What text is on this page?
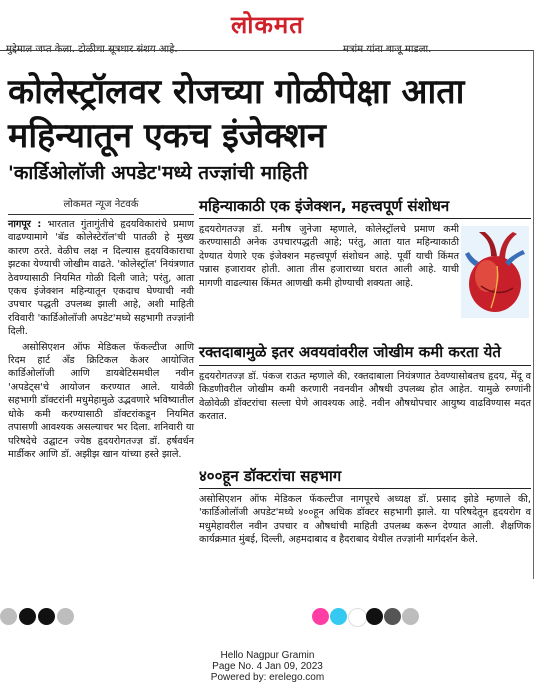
लोकमत
मुद्देमाल जप्त केला. टोळीचा सूत्रधार संशय आहे.	मत्रांम यांना बाजूू माडला.
कोलेस्ट्रॉलवर रोजच्या गोळीपेक्षा आता महिन्यातून एकच इंजेक्शन
'कार्डिओलॉजी अपडेट'मध्ये तज्ज्ञांची माहिती
लोकमत न्यूज नेटवर्क

नागपूर : भारतात गुंतागुंतीचे हृदयविकारांचे प्रमाण वाढण्यामागे 'बॅड कोलेस्टेरॉल'ची पातळी हे मुख्य कारण ठरते. वेळीच लक्ष न दिल्यास हृदयविकाराचा झटका येण्याची जोखीम वाढते. 'कोलेस्ट्रॉल' नियंत्रणात ठेवण्यासाठी नियमित गोळी दिली जाते; परंतु, आता एकच इंजेक्शन महिन्यातून एकदाच घेण्याची नवी उपचार पद्धती उपलब्ध झाली आहे, अशी माहिती रविवारी 'कार्डिओलॉजी अपडेट'मध्ये सहभागी तज्ज्ञांनी दिली.

असोसिएशन ऑफ मेडिकल फॅकल्टीज आणि रिदम हार्ट अँड क्रिटिकल केअर आयोजित कार्डिओलॉजी आणि डायबेटिसमधील नवीन 'अपडेट्स'चे आयोजन करण्यात आले. यावेळी सहभागी डॉक्टरांनी मधुमेहामुळे उद्भवणारे भविष्यातील धोके कमी करण्यासाठी डॉक्टरांकडून नियमित तपासणी आवश्यक असल्याचर भर दिला. शनिवारी या परिषदेचे उद्घाटन ज्येष्ठ हृदयरोगतज्ज्ञ डॉ. हर्षवर्धन मार्डीकर आणि डॉ. अझीझ खान यांच्या हस्ते झाले.

महिन्याकाठी एक इंजेक्शन, महत्त्वपूर्ण संशोधन

हृदयरोगतज्ज्ञ डॉ. मनीष जुनेजा म्हणाले, कोलेस्ट्रॉलचे प्रमाण कमी करण्यासाठी अनेक उपचारपद्धती आहे; परंतु, आता यात महिन्याकाठी देण्यात येणारे एक इंजेक्शन महत्त्वपूर्ण संशोधन आहे. पूर्वी याची किंमत पन्नास हजारावर होती. आता तीस हजाराच्या घरात आली आहे. याची मागणी वाढल्यास किंमत आणखी कमी होण्याची शक्यता आहे.

रक्तदाबामुळे इतर अवयवांवरील जोखीम कमी करता येते

हृदयरोगतज्ज्ञ डॉ. पंकज राऊत म्हणाले की, रक्तदाबाला नियंत्रणात ठेवण्यासोबतच हृदय, मेंदू व किडणीवरील जोखीम कमी करणारी नवनवीन औषधी उपलब्ध होत आहेत. यामुळे रुग्णांनी वेळोवेळी डॉक्टरांचा सल्ला घेणे आवश्यक आहे. नवीन औषधोपचार आयुष्य वाढविण्यास मदत करतात.

४००हून डॉक्टरांचा सहभाग

असोसिएशन ऑफ मेडिकल फॅकल्टीज नागपूरचे अध्यक्ष डॉ. प्रसाद झोडे म्हणाले की, 'कार्डिओलॉजी अपडेट'मध्ये ४००हून अधिक डॉक्टर सहभागी झाले. या परिषदेतून हृदयरोग व मधुमेहावरील नवीन उपचार व औषधांची माहिती उपलब्ध करून देण्यात आली. शैक्षणिक कार्यक्रमात मुंबई, दिल्ली, अहमदाबाद व हैदराबाद येथील तज्ज्ञांनी मार्गदर्शन केले.

Hello Nagpur Gramin
Page No. 4 Jan 09, 2023
Powered by: erelego.com
